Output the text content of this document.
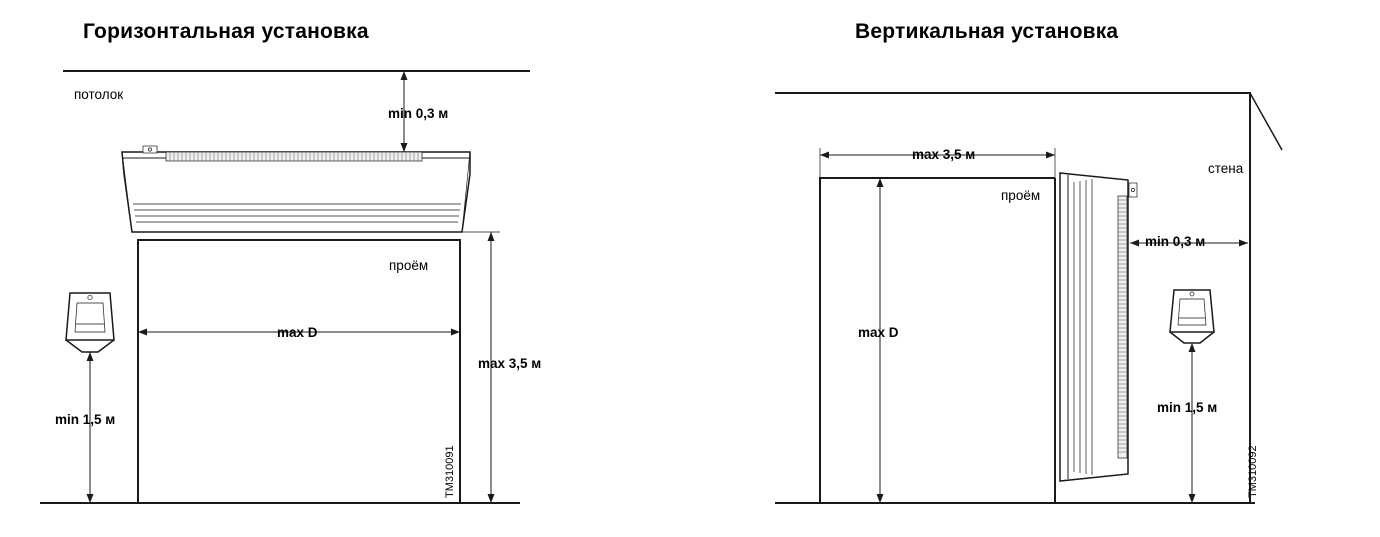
Горизонтальная установка
потолок
min 0,3 м
проём
max D
max 3,5 м
min 1,5 м
ТМ310091
Вертикальная установка
max 3,5 м
проём
стена
min 0,3 м
max D
min 1,5 м
ТМ310092
